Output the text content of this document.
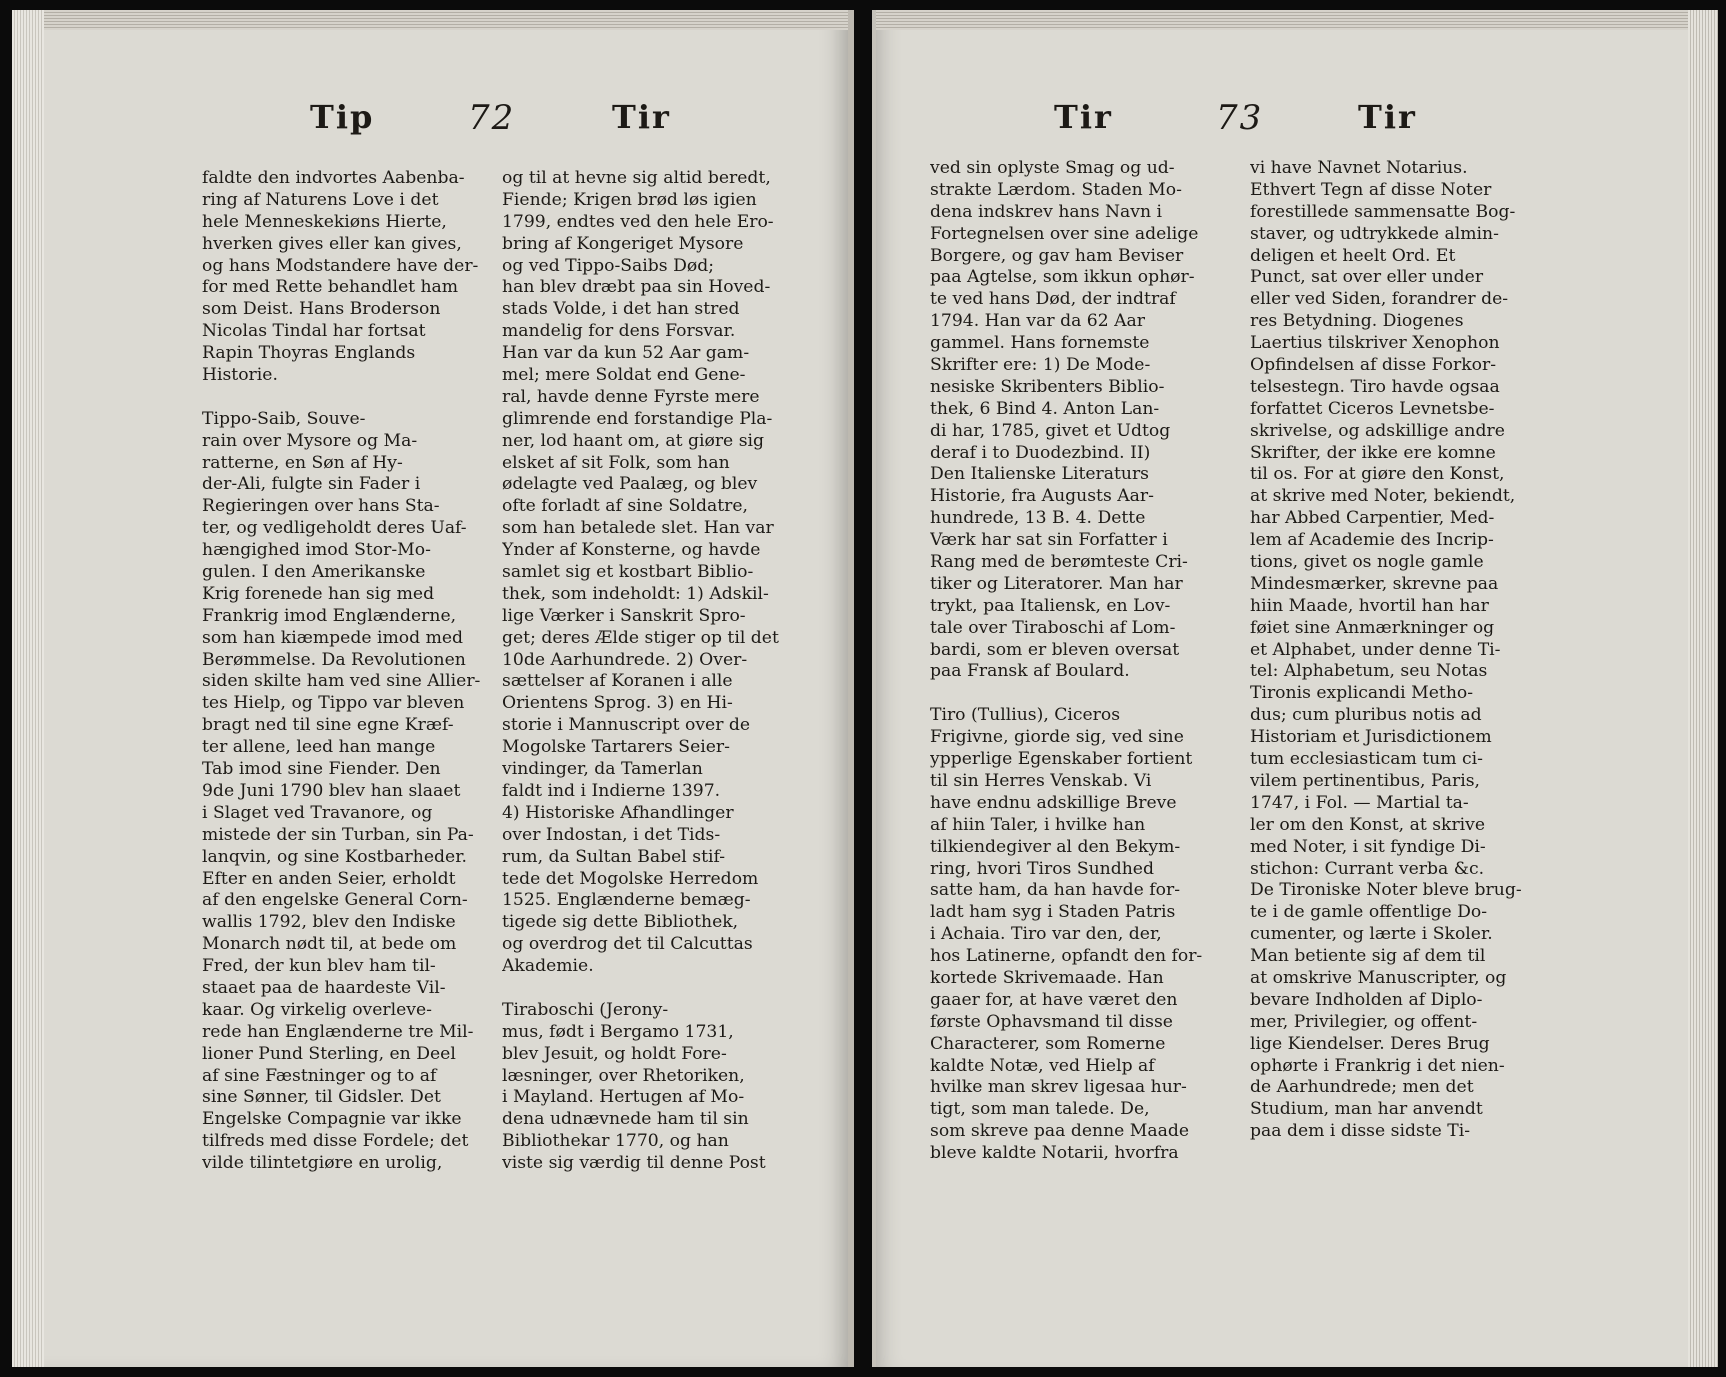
Tip	72	Tir
faldte den indvortes Aabenba-
ring af Naturens Love i det
hele Menneskekiøns Hierte,
hverken gives eller kan gives,
og hans Modstandere have der-
for med Rette behandlet ham
som Deist. Hans Broderson
Nicolas Tindal har fortsat
Rapin Thoyras Englands
Historie.
Tippo-Saib, Souve-
rain over Mysore og Ma-
ratterne, en Søn af Hy-
der-Ali, fulgte sin Fader i
Regieringen over hans Sta-
ter, og vedligeholdt deres Uaf-
hængighed imod Stor-Mo-
gulen. I den Amerikanske
Krig forenede han sig med
Frankrig imod Englænderne,
som han kiæmpede imod med
Berømmelse. Da Revolutionen
siden skilte ham ved sine Allier-
tes Hielp, og Tippo var bleven
bragt ned til sine egne Kræf-
ter allene, leed han mange
Tab imod sine Fiender. Den
9de Juni 1790 blev han slaaet
i Slaget ved Travanore, og
mistede der sin Turban, sin Pa-
lanqvin, og sine Kostbarheder.
Efter en anden Seier, erholdt
af den engelske General Corn-
wallis 1792, blev den Indiske
Monarch nødt til, at bede om
Fred, der kun blev ham til-
staaet paa de haardeste Vil-
kaar. Og virkelig overleve-
rede han Englænderne tre Mil-
lioner Pund Sterling, en Deel
af sine Fæstninger og to af
sine Sønner, til Gidsler. Det
Engelske Compagnie var ikke
tilfreds med disse Fordele; det
vilde tilintetgiøre en urolig,
og til at hevne sig altid beredt,
Fiende; Krigen brød løs igien
1799, endtes ved den hele Ero-
bring af Kongeriget Mysore
og ved Tippo-Saibs Død;
han blev dræbt paa sin Hoved-
stads Volde, i det han stred
mandelig for dens Forsvar.
Han var da kun 52 Aar gam-
mel; mere Soldat end Gene-
ral, havde denne Fyrste mere
glimrende end forstandige Pla-
ner, lod haant om, at giøre sig
elsket af sit Folk, som han
ødelagte ved Paalæg, og blev
ofte forladt af sine Soldatre,
som han betalede slet. Han var
Ynder af Konsterne, og havde
samlet sig et kostbart Biblio-
thek, som indeholdt: 1) Adskil-
lige Værker i Sanskrit Spro-
get; deres Ælde stiger op til det
10de Aarhundrede. 2) Over-
sættelser af Koranen i alle
Orientens Sprog. 3) en Hi-
storie i Mannuscript over de
Mogolske Tartarers Seier-
vindinger, da Tamerlan
faldt ind i Indierne 1397.
4) Historiske Afhandlinger
over Indostan, i det Tids-
rum, da Sultan Babel stif-
tede det Mogolske Herredom
1525. Englænderne bemæg-
tigede sig dette Bibliothek,
og overdrog det til Calcuttas
Akademie.
Tiraboschi (Jerony-
mus, født i Bergamo 1731,
blev Jesuit, og holdt Fore-
læsninger, over Rhetoriken,
i Mayland. Hertugen af Mo-
dena udnævnede ham til sin
Bibliothekar 1770, og han
viste sig værdig til denne Post
Tir	73	Tir
ved sin oplyste Smag og ud-
strakte Lærdom. Staden Mo-
dena indskrev hans Navn i
Fortegnelsen over sine adelige
Borgere, og gav ham Beviser
paa Agtelse, som ikkun ophør-
te ved hans Død, der indtraf
1794. Han var da 62 Aar
gammel. Hans fornemste
Skrifter ere: 1) De Mode-
nesiske Skribenters Biblio-
thek, 6 Bind 4. Anton Lan-
di har, 1785, givet et Udtog
deraf i to Duodezbind. II)
Den Italienske Literaturs
Historie, fra Augusts Aar-
hundrede, 13 B. 4. Dette
Værk har sat sin Forfatter i
Rang med de berømteste Cri-
tiker og Literatorer. Man har
trykt, paa Italiensk, en Lov-
tale over Tiraboschi af Lom-
bardi, som er bleven oversat
paa Fransk af Boulard.
Tiro (Tullius), Ciceros
Frigivne, giorde sig, ved sine
ypperlige Egenskaber fortient
til sin Herres Venskab. Vi
have endnu adskillige Breve
af hiin Taler, i hvilke han
tilkiendegiver al den Bekym-
ring, hvori Tiros Sundhed
satte ham, da han havde for-
ladt ham syg i Staden Patris
i Achaia. Tiro var den, der,
hos Latinerne, opfandt den for-
kortede Skrivemaade. Han
gaaer for, at have været den
første Ophavsmand til disse
Characterer, som Romerne
kaldte Notæ, ved Hielp af
hvilke man skrev ligesaa hur-
tigt, som man talede. De,
som skreve paa denne Maade
bleve kaldte Notarii, hvorfra
vi have Navnet Notarius.
Ethvert Tegn af disse Noter
forestillede sammensatte Bog-
staver, og udtrykkede almin-
deligen et heelt Ord. Et
Punct, sat over eller under
eller ved Siden, forandrer de-
res Betydning. Diogenes
Laertius tilskriver Xenophon
Opfindelsen af disse Forkor-
telsestegn. Tiro havde ogsaa
forfattet Ciceros Levnetsbe-
skrivelse, og adskillige andre
Skrifter, der ikke ere komne
til os. For at giøre den Konst,
at skrive med Noter, bekiendt,
har Abbed Carpentier, Med-
lem af Academie des Incrip-
tions, givet os nogle gamle
Mindesmærker, skrevne paa
hiin Maade, hvortil han har
føiet sine Anmærkninger og
et Alphabet, under denne Ti-
tel: Alphabetum, seu Notas
Tironis explicandi Metho-
dus; cum pluribus notis ad
Historiam et Jurisdictionem
tum ecclesiasticam tum ci-
vilem pertinentibus, Paris,
1747, i Fol. — Martial ta-
ler om den Konst, at skrive
med Noter, i sit fyndige Di-
stichon: Currant verba &c.
De Tironiske Noter bleve brug-
te i de gamle offentlige Do-
cumenter, og lærte i Skoler.
Man betiente sig af dem til
at omskrive Manuscripter, og
bevare Indholden af Diplo-
mer, Privilegier, og offent-
lige Kiendelser. Deres Brug
ophørte i Frankrig i det nien-
de Aarhundrede; men det
Studium, man har anvendt
paa dem i disse sidste Ti-
